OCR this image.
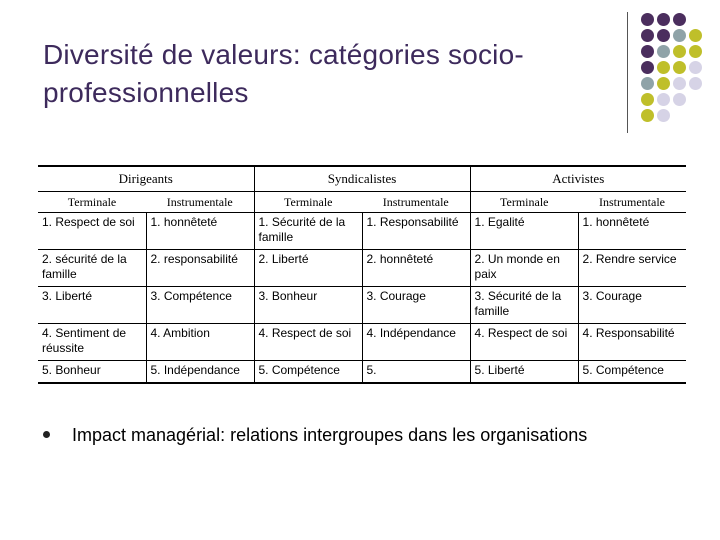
Diversité de valeurs: catégories socio-professionnelles
Dirigeants		Syndicalistes		Activistes	
Terminale	Instrumentale	Terminale	Instrumentale	Terminale	Instrumentale
1. Respect de soi	1. honnêteté	1. Sécurité de la famille	1. Responsabilité	1. Egalité	1. honnêteté
2. sécurité de la famille	2. responsabilité	2. Liberté	2. honnêteté	2. Un monde en paix	2. Rendre service
3. Liberté	3. Compétence	3. Bonheur	3. Courage	3. Sécurité de la famille	3. Courage
4. Sentiment de réussite	4. Ambition	4. Respect de soi	4. Indépendance	4. Respect de soi	4. Responsabilité
5. Bonheur	5. Indépendance	5. Compétence	5.	5. Liberté	5. Compétence
Impact managérial: relations intergroupes dans les organisations
